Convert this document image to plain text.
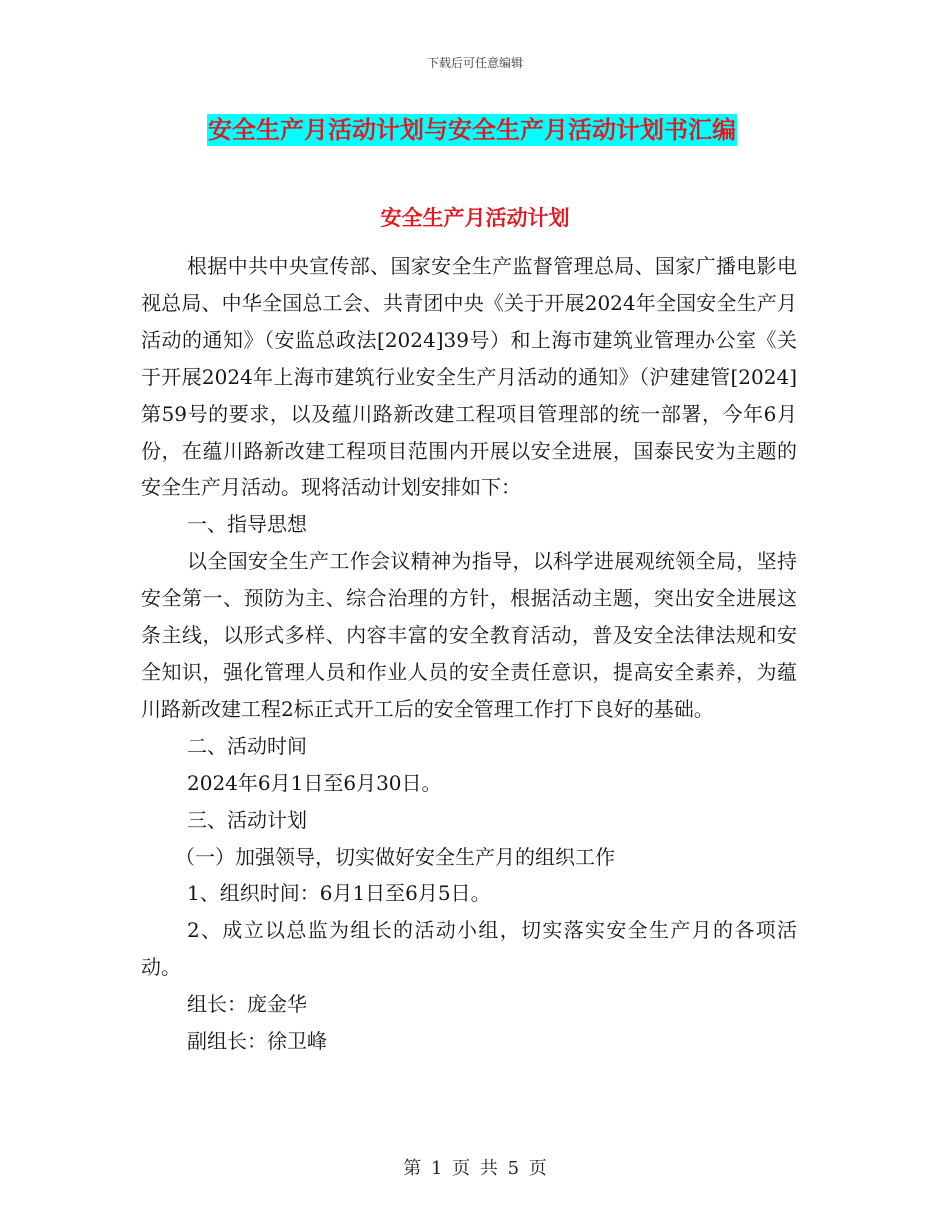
下载后可任意编辑
安全生产月活动计划与安全生产月活动计划书汇编
安全生产月活动计划

根据中共中央宣传部、国家安全生产监督管理总局、国家广播电影电视总局、中华全国总工会、共青团中央《关于开展2024年全国安全生产月活动的通知》（安监总政法[2024]39号）和上海市建筑业管理办公室《关于开展2024年上海市建筑行业安全生产月活动的通知》（沪建建管[2024]第59号的要求，以及蕴川路新改建工程项目管理部的统一部署，今年6月份，在蕴川路新改建工程项目范围内开展以安全进展，国泰民安为主题的安全生产月活动。现将活动计划安排如下：

一、指导思想

以全国安全生产工作会议精神为指导，以科学进展观统领全局，坚持安全第一、预防为主、综合治理的方针，根据活动主题，突出安全进展这条主线，以形式多样、内容丰富的安全教育活动，普及安全法律法规和安全知识，强化管理人员和作业人员的安全责任意识，提高安全素养，为蕴川路新改建工程2标正式开工后的安全管理工作打下良好的基础。

二、活动时间

2024年6月1日至6月30日。

三、活动计划

（一）加强领导，切实做好安全生产月的组织工作

1、组织时间：6月1日至6月5日。

2、成立以总监为组长的活动小组，切实落实安全生产月的各项活动。

组长：庞金华

副组长：徐卫峰

第 1 页 共 5 页
